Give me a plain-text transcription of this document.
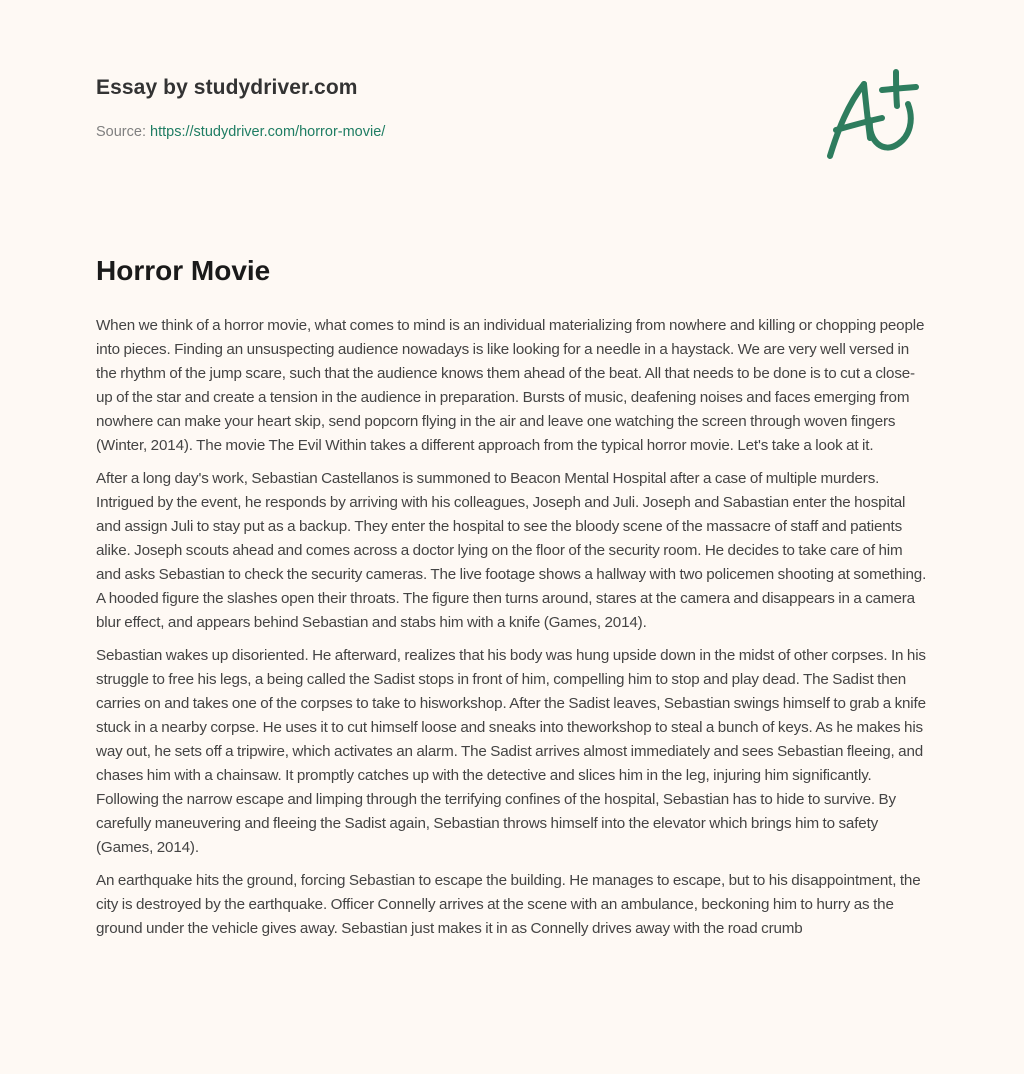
Essay by studydriver.com
Source: https://studydriver.com/horror-movie/
Horror Movie

When we think of a horror movie, what comes to mind is an individual materializing from nowhere and killing or chopping people into pieces. Finding an unsuspecting audience nowadays is like looking for a needle in a haystack. We are very well versed in the rhythm of the jump scare, such that the audience knows them ahead of the beat. All that needs to be done is to cut a close-up of the star and create a tension in the audience in preparation. Bursts of music, deafening noises and faces emerging from nowhere can make your heart skip, send popcorn flying in the air and leave one watching the screen through woven fingers (Winter, 2014). The movie The Evil Within takes a different approach from the typical horror movie. Let's take a look at it.

After a long day's work, Sebastian Castellanos is summoned to Beacon Mental Hospital after a case of multiple murders. Intrigued by the event, he responds by arriving with his colleagues, Joseph and Juli. Joseph and Sabastian enter the hospital and assign Juli to stay put as a backup. They enter the hospital to see the bloody scene of the massacre of staff and patients alike. Joseph scouts ahead and comes across a doctor lying on the floor of the security room. He decides to take care of him and asks Sebastian to check the security cameras. The live footage shows a hallway with two policemen shooting at something. A hooded figure the slashes open their throats. The figure then turns around, stares at the camera and disappears in a camera blur effect, and appears behind Sebastian and stabs him with a knife (Games, 2014).

Sebastian wakes up disoriented. He afterward, realizes that his body was hung upside down in the midst of other corpses. In his struggle to free his legs, a being called the Sadist stops in front of him, compelling him to stop and play dead. The Sadist then carries on and takes one of the corpses to take to hisworkshop. After the Sadist leaves, Sebastian swings himself to grab a knife stuck in a nearby corpse. He uses it to cut himself loose and sneaks into theworkshop to steal a bunch of keys. As he makes his way out, he sets off a tripwire, which activates an alarm. The Sadist arrives almost immediately and sees Sebastian fleeing, and chases him with a chainsaw. It promptly catches up with the detective and slices him in the leg, injuring him significantly. Following the narrow escape and limping through the terrifying confines of the hospital, Sebastian has to hide to survive. By carefully maneuvering and fleeing the Sadist again, Sebastian throws himself into the elevator which brings him to safety (Games, 2014).

An earthquake hits the ground, forcing Sebastian to escape the building. He manages to escape, but to his disappointment, the city is destroyed by the earthquake. Officer Connelly arrives at the scene with an ambulance, beckoning him to hurry as the ground under the vehicle gives away. Sebastian just makes it in as Connelly drives away with the road crumb
